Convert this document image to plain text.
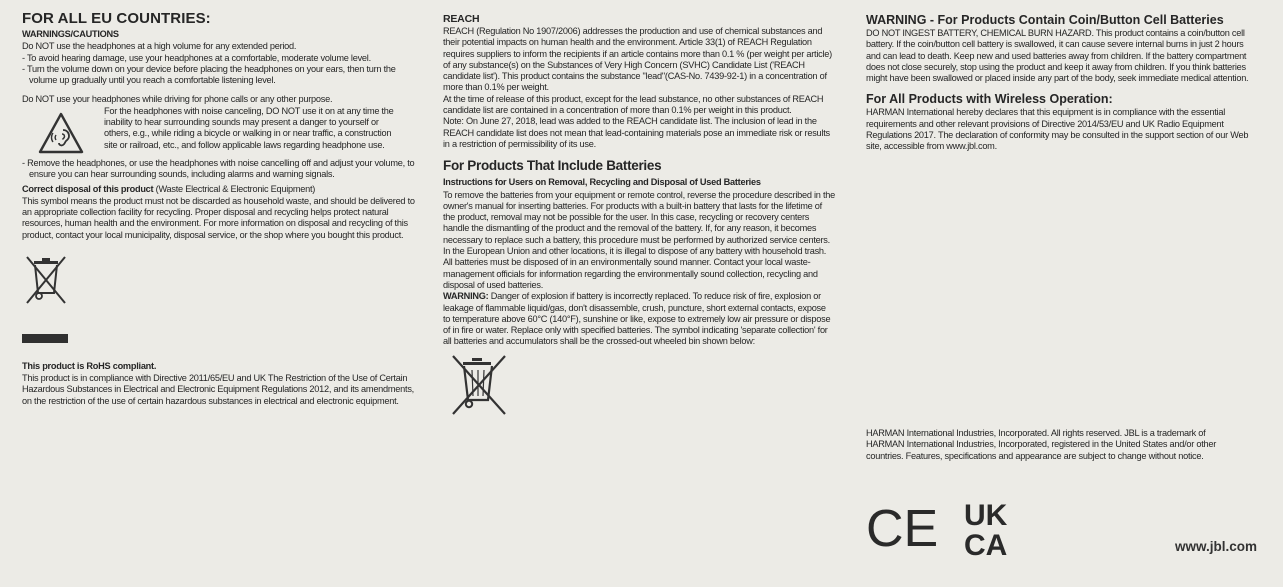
FOR ALL EU COUNTRIES:
WARNINGS/CAUTIONS

Do NOT use the headphones at a high volume for any extended period.

- To avoid hearing damage, use your headphones at a comfortable, moderate volume level.

- Turn the volume down on your device before placing the headphones on your ears, then turn the volume up gradually until you reach a comfortable listening level.

Do NOT use your headphones while driving for phone calls or any other purpose.

For the headphones with noise canceling, DO NOT use it on at any time the inability to hear surrounding sounds may present a danger to yourself or others, e.g., while riding a bicycle or walking in or near traffic, a construction site or railroad, etc., and follow applicable laws regarding headphone use.

- Remove the headphones, or use the headphones with noise cancelling off and adjust your volume, to ensure you can hear surrounding sounds, including alarms and warning signals.

Correct disposal of this product (Waste Electrical & Electronic Equipment)

This symbol means the product must not be discarded as household waste, and should be delivered to an appropriate collection facility for recycling. Proper disposal and recycling helps protect natural resources, human health and the environment. For more information on disposal and recycling of this product, contact your local municipality, disposal service, or the shop where you bought this product.

This product is RoHS compliant.

This product is in compliance with Directive 2011/65/EU and UK The Restriction of the Use of Certain Hazardous Substances in Electrical and Electronic Equipment Regulations 2012, and its amendments, on the restriction of the use of certain hazardous substances in electrical and electronic equipment.

REACH

REACH (Regulation No 1907/2006) addresses the production and use of chemical substances and their potential impacts on human health and the environment. Article 33(1) of REACH Regulation requires suppliers to inform the recipients if an article contains more than 0.1 % (per weight per article) of any substance(s) on the Substances of Very High Concern (SVHC) Candidate List ('REACH candidate list'). This product contains the substance "lead"(CAS-No. 7439-92-1) in a concentration of more than 0.1% per weight.

At the time of release of this product, except for the lead substance, no other substances of REACH candidate list are contained in a concentration of more than 0.1% per weight in this product.

Note: On June 27, 2018, lead was added to the REACH candidate list. The inclusion of lead in the REACH candidate list does not mean that lead-containing materials pose an immediate risk or results in a restriction of permissibility of its use.

For Products That Include Batteries
Instructions for Users on Removal, Recycling and Disposal of Used Batteries

To remove the batteries from your equipment or remote control, reverse the procedure described in the owner's manual for inserting batteries. For products with a built-in battery that lasts for the lifetime of the product, removal may not be possible for the user. In this case, recycling or recovery centers handle the dismantling of the product and the removal of the battery. If, for any reason, it becomes necessary to replace such a battery, this procedure must be performed by authorized service centers. In the European Union and other locations, it is illegal to dispose of any battery with household trash. All batteries must be disposed of in an environmentally sound manner. Contact your local waste-management officials for information regarding the environmentally sound collection, recycling and disposal of used batteries.

WARNING: Danger of explosion if battery is incorrectly replaced. To reduce risk of fire, explosion or leakage of flammable liquid/gas, don't disassemble, crush, puncture, short external contacts, expose to temperature above 60°C (140°F), sunshine or like, expose to extremely low air pressure or dispose of in fire or water. Replace only with specified batteries. The symbol indicating 'separate collection' for all batteries and accumulators shall be the crossed-out wheeled bin shown below:

WARNING - For Products Contain Coin/Button Cell Batteries

DO NOT INGEST BATTERY, CHEMICAL BURN HAZARD. This product contains a coin/button cell battery. If the coin/button cell battery is swallowed, it can cause severe internal burns in just 2 hours and can lead to death. Keep new and used batteries away from children. If the battery compartment does not close securely, stop using the product and keep it away from children. If you think batteries might have been swallowed or placed inside any part of the body, seek immediate medical attention.

For All Products with Wireless Operation:

HARMAN International hereby declares that this equipment is in compliance with the essential requirements and other relevant provisions of Directive 2014/53/EU and UK Radio Equipment Regulations 2017. The declaration of conformity may be consulted in the support section of our Web site, accessible from www.jbl.com.

HARMAN International Industries, Incorporated. All rights reserved. JBL is a trademark of HARMAN International Industries, Incorporated, registered in the United States and/or other countries. Features, specifications and appearance are subject to change without notice.

CE UK
CA	www.jbl.com
